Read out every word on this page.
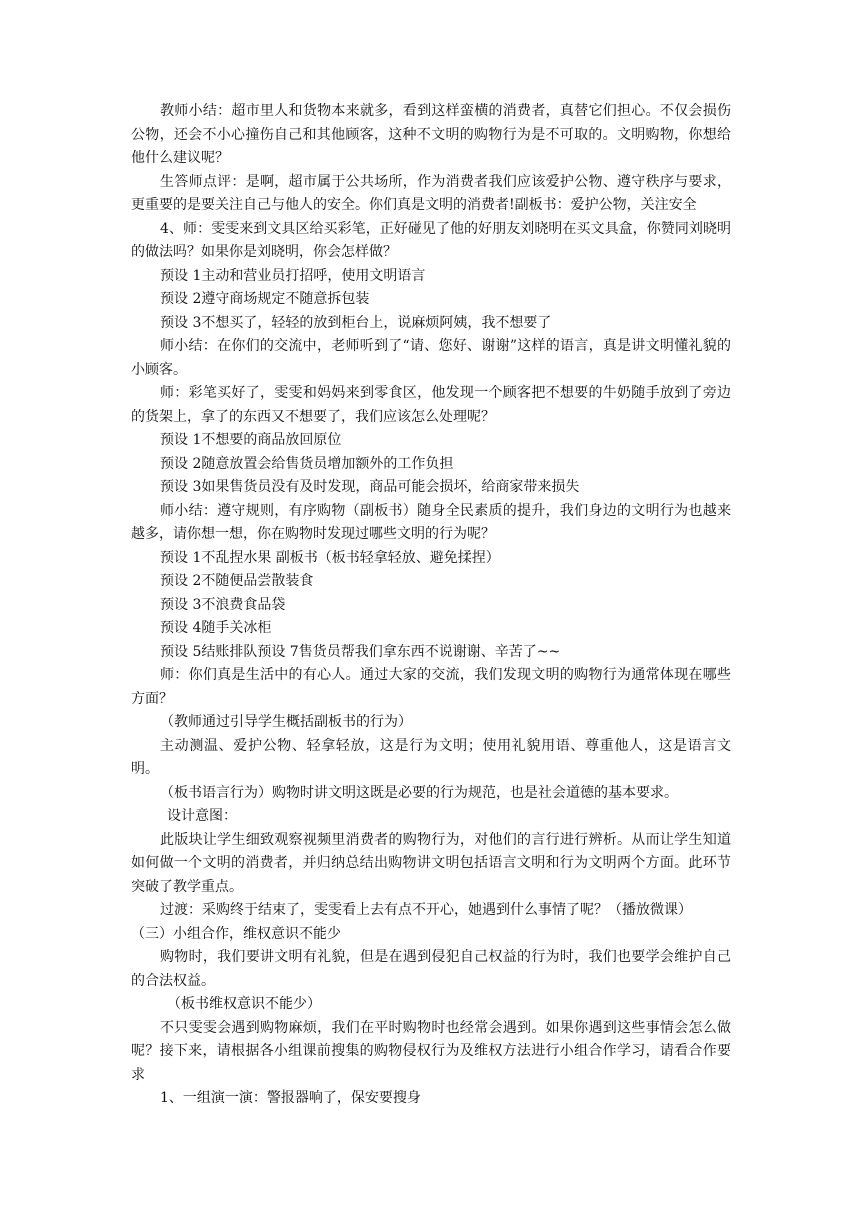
教师小结：超市里人和货物本来就多，看到这样蛮横的消费者，真替它们担心。不仅会损伤公物，还会不小心撞伤自己和其他顾客，这种不文明的购物行为是不可取的。文明购物，你想给他什么建议呢？

生答师点评：是啊，超市属于公共场所，作为消费者我们应该爱护公物、遵守秩序与要求，更重要的是要关注自己与他人的安全。你们真是文明的消费者!副板书：爱护公物，关注安全

4、师：雯雯来到文具区给买彩笔，正好碰见了他的好朋友刘晓明在买文具盒，你赞同刘晓明的做法吗？如果你是刘晓明，你会怎样做？

预设 1主动和营业员打招呼，使用文明语言

预设 2遵守商场规定不随意拆包装

预设 3不想买了，轻轻的放到柜台上，说麻烦阿姨，我不想要了

师小结：在你们的交流中，老师听到了“请、您好、谢谢”这样的语言，真是讲文明懂礼貌的小顾客。

师：彩笔买好了，雯雯和妈妈来到零食区，他发现一个顾客把不想要的牛奶随手放到了旁边的货架上，拿了的东西又不想要了，我们应该怎么处理呢？

预设 1不想要的商品放回原位

预设 2随意放置会给售货员增加额外的工作负担

预设 3如果售货员没有及时发现，商品可能会损坏，给商家带来损失

师小结：遵守规则，有序购物（副板书）随身全民素质的提升，我们身边的文明行为也越来越多，请你想一想，你在购物时发现过哪些文明的行为呢？

预设 1不乱捏水果 副板书（板书轻拿轻放、避免揉捏）

预设 2不随便品尝散装食

预设 3不浪费食品袋

预设 4随手关冰柜

预设 5结账排队预设 7售货员帮我们拿东西不说谢谢、辛苦了~~

师：你们真是生活中的有心人。通过大家的交流，我们发现文明的购物行为通常体现在哪些方面？

（教师通过引导学生概括副板书的行为）

主动测温、爱护公物、轻拿轻放，这是行为文明；使用礼貌用语、尊重他人，这是语言文明。

（板书语言行为）购物时讲文明这既是必要的行为规范，也是社会道德的基本要求。

设计意图：

此版块让学生细致观察视频里消费者的购物行为，对他们的言行进行辨析。从而让学生知道如何做一个文明的消费者，并归纳总结出购物讲文明包括语言文明和行为文明两个方面。此环节突破了教学重点。

过渡：采购终于结束了，雯雯看上去有点不开心，她遇到什么事情了呢？（播放微课）

（三）小组合作，维权意识不能少

购物时，我们要讲文明有礼貌，但是在遇到侵犯自己权益的行为时，我们也要学会维护自己的合法权益。

（板书维权意识不能少）

不只雯雯会遇到购物麻烦，我们在平时购物时也经常会遇到。如果你遇到这些事情会怎么做呢？接下来，请根据各小组课前搜集的购物侵权行为及维权方法进行小组合作学习，请看合作要求

1、一组演一演：警报器响了，保安要搜身
